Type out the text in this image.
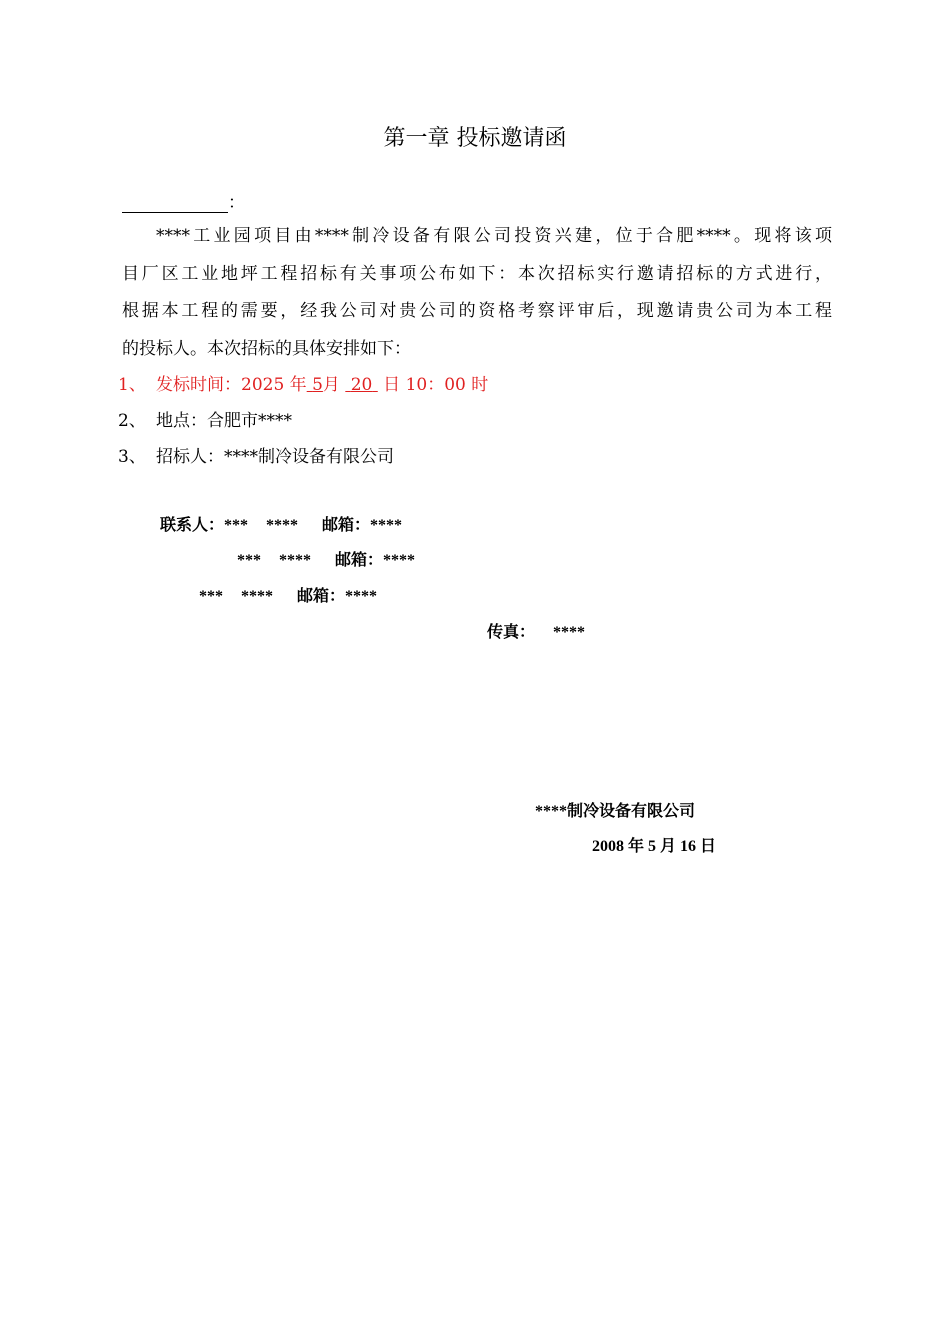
第一章 投标邀请函
：
****工业园项目由****制冷设备有限公司投资兴建，位于合肥****。现将该项
目厂区工业地坪工程招标有关事项公布如下：本次招标实行邀请招标的方式进行，
根据本工程的需要，经我公司对贵公司的资格考察评审后，现邀请贵公司为本工程
的投标人。本次招标的具体安排如下：
1、 发标时间：2025 年 5月 20 日 10：00 时
2、 地点：合肥市****
3、 招标人：****制冷设备有限公司
联系人：*** **** 邮箱：****
*** **** 邮箱：****
*** **** 邮箱：****
传真： ****
****制冷设备有限公司
2008 年 5 月 16 日
